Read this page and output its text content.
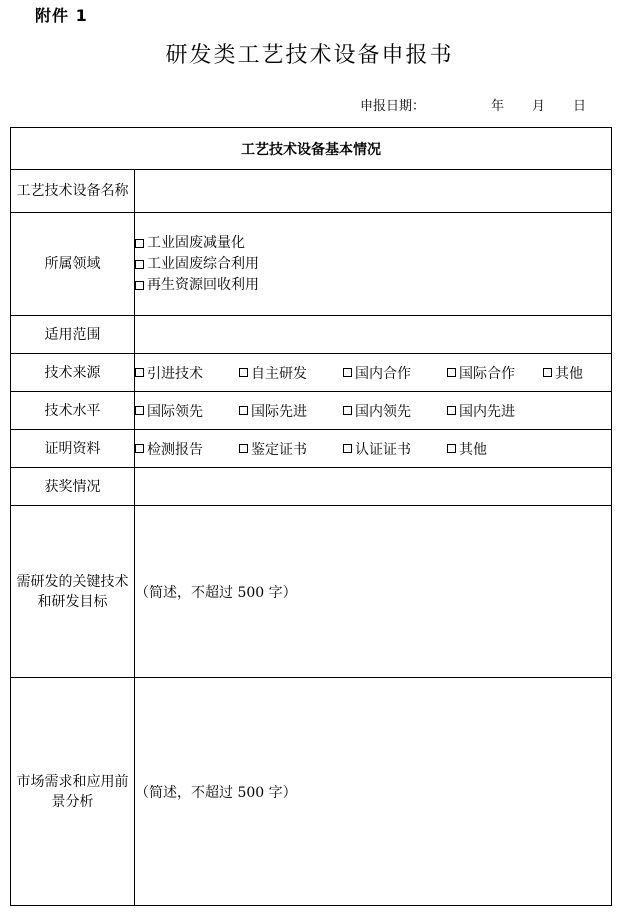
附件 1
研发类工艺技术设备申报书
申报日期：	年 月 日
工艺技术设备基本情况	
工艺技术设备名称	
所属领域	工业固废减量化
工业固废综合利用
再生资源回收利用

适用范围	
技术来源	引进技术 自主研发 国内合作 国际合作 其他

技术水平	国际领先 国际先进 国内领先 国内先进

证明资料	检测报告 鉴定证书 认证证书 其他

获奖情况	
需研发的关键技术和研发目标	（简述，不超过 500 字）
市场需求和应用前景分析	（简述，不超过 500 字）
